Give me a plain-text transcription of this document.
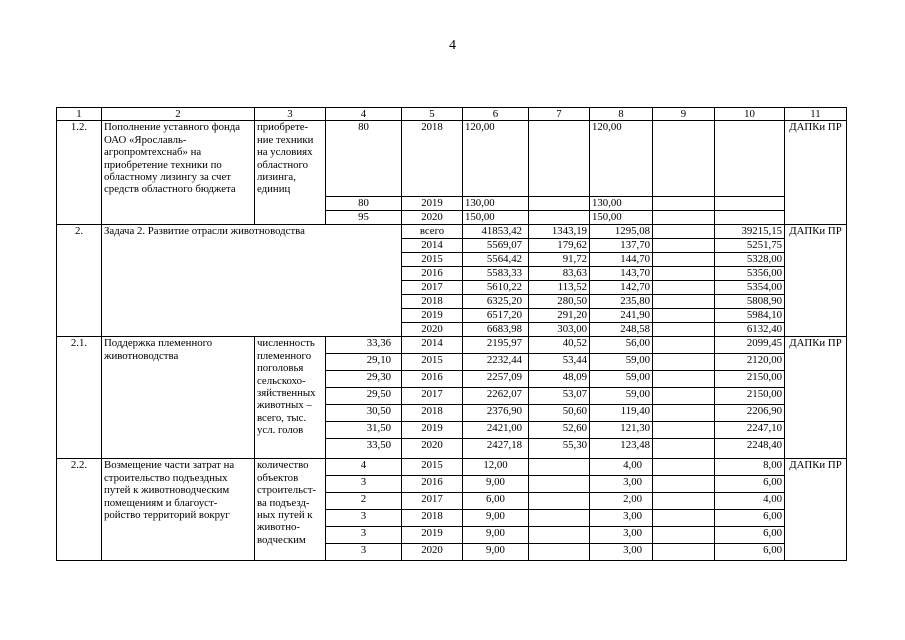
4
1	2	3	4	5	6	7	8	9	10	11
1.2.	Пополнение уставного фонда ОАО «Ярославль-агропромтехснаб» на приобретение техники по областному лизингу за счет средств областного бюджета	приобрете-ние техники на условиях областного лизинга, единиц	80	2018	120,00		120,00			ДАПКи ПР
			80	2019	130,00		130,00			
			95	2020	150,00		150,00			
2.	Задача 2. Развитие отрасли животноводства			всего	41853,42	1343,19	1295,08		39215,15	ДАПКи ПР
				2014	5569,07	179,62	137,70		5251,75	
				2015	5564,42	91,72	144,70		5328,00	
				2016	5583,33	83,63	143,70		5356,00	
				2017	5610,22	113,52	142,70		5354,00	
				2018	6325,20	280,50	235,80		5808,90	
				2019	6517,20	291,20	241,90		5984,10	
				2020	6683,98	303,00	248,58		6132,40	
2.1.	Поддержка племенного животноводства	численность племенного поголовья сельскохо-зяйственных животных – всего, тыс. усл. голов	33,36	2014	2195,97	40,52	56,00		2099,45	ДАПКи ПР
			29,10	2015	2232,44	53,44	59,00		2120,00	
			29,30	2016	2257,09	48,09	59,00		2150,00	
			29,50	2017	2262,07	53,07	59,00		2150,00	
			30,50	2018	2376,90	50,60	119,40		2206,90	
			31,50	2019	2421,00	52,60	121,30		2247,10	
			33,50	2020	2427,18	55,30	123,48		2248,40	
2.2.	Возмещение части затрат на строительство подъездных путей к животноводческим помещениям и благоуст-ройство территорий вокруг	количество объектов строительст-ва подъезд-ных путей к животно-водческим	4	2015	12,00		4,00		8,00	ДАПКи ПР
			3	2016	9,00		3,00		6,00	
			2	2017	6,00		2,00		4,00	
			3	2018	9,00		3,00		6,00	
			3	2019	9,00		3,00		6,00	
			3	2020	9,00		3,00		6,00	
